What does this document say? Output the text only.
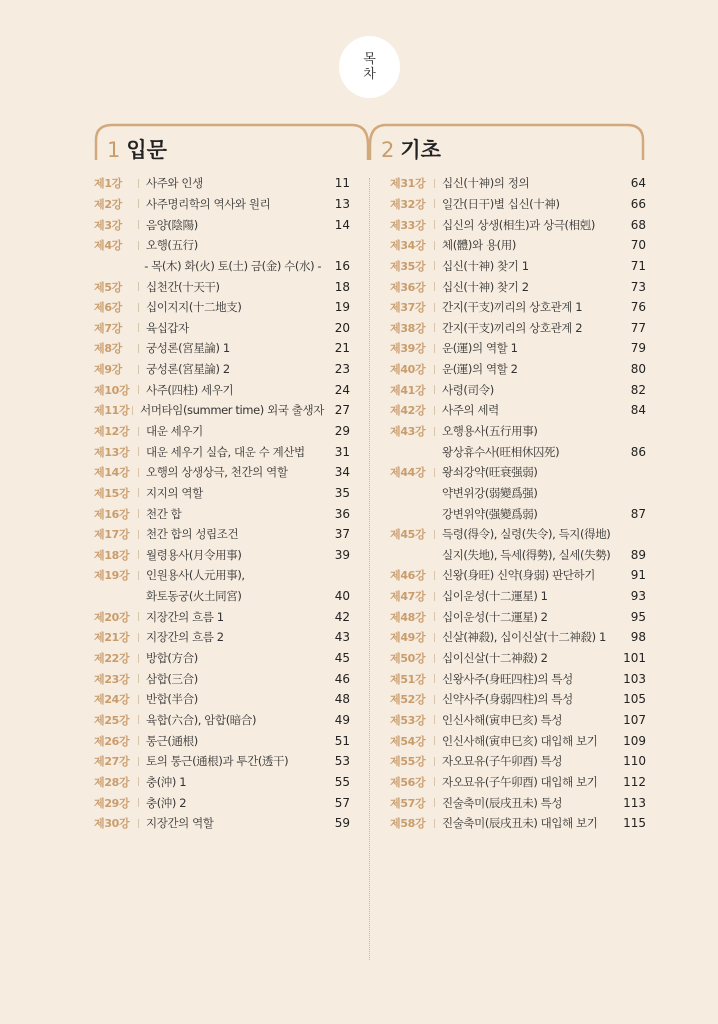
목
차
1 입문	2 기초
제1강	사주와 인생	11
제2강	사주명리학의 역사와 원리	13
제3강	음양(陰陽)	14
제4강	오행(五行)
- 목(木) 화(火) 토(土) 금(金) 수(水) -	16
제5강	십천간(十天干)	18
제6강	십이지지(十二地支)	19
제7강	육십갑자	20
제8강	궁성론(宮星論) 1	21
제9강	궁성론(宮星論) 2	23
제10강	사주(四柱) 세우기	24
제11강 서머타임(summer time) 외국 출생자 27
제12강	대운 세우기	29
제13강	대운 세우기 실습, 대운 수 계산법	31
제14강	오행의 상생상극, 천간의 역할	34
제15강	지지의 역할	35
제16강	천간 합	36
제17강	천간 합의 성립조건	37
제18강	월령용사(月令用事)	39
제19강	인원용사(人元用事),
화토동궁(火土同宮)	40
제20강	지장간의 흐름 1	42
제21강	지장간의 흐름 2	43
제22강	방합(方合)	45
제23강	삼합(三合)	46
제24강	반합(半合)	48
제25강	육합(六合), 암합(暗合)	49
제26강	통근(通根)	51
제27강	토의 통근(通根)과 투간(透干)	53
제28강	충(沖) 1	55
제29강	충(沖) 2	57
제30강	지장간의 역할	59
제31강	십신(十神)의 정의	64
제32강	일간(日干)별 십신(十神)	66
제33강	십신의 상생(相生)과 상극(相剋)	68
제34강	체(體)와 용(用)	70
제35강	십신(十神) 찾기 1	71
제36강	십신(十神) 찾기 2	73
제37강	간지(干支)끼리의 상호관계 1	76
제38강	간지(干支)끼리의 상호관계 2	77
제39강	운(運)의 역할 1	79
제40강	운(運)의 역할 2	80
제41강	사령(司令)	82
제42강	사주의 세력	84
제43강	오행용사(五行用事)
왕상휴수사(旺相休囚死)	86
제44강	왕쇠강약(旺衰强弱)
약변위강(弱變爲强)
강변위약(强變爲弱)	87
제45강	득령(得令), 실령(失令), 득지(得地)
실지(失地), 득세(得勢), 실세(失勢)	89
제46강	신왕(身旺) 신약(身弱) 판단하기	91
제47강	십이운성(十二運星) 1	93
제48강	십이운성(十二運星) 2	95
제49강	신살(神殺), 십이신살(十二神殺) 1	98
제50강	십이신살(十二神殺) 2	101
제51강	신왕사주(身旺四柱)의 특성	103
제52강	신약사주(身弱四柱)의 특성	105
제53강	인신사해(寅申巳亥) 특성	107
제54강	인신사해(寅申巳亥) 대입해 보기	109
제55강	자오묘유(子午卯酉) 특성	110
제56강	자오묘유(子午卯酉) 대입해 보기	112
제57강	진술축미(辰戌丑未) 특성	113
제58강	진술축미(辰戌丑未) 대입해 보기	115
